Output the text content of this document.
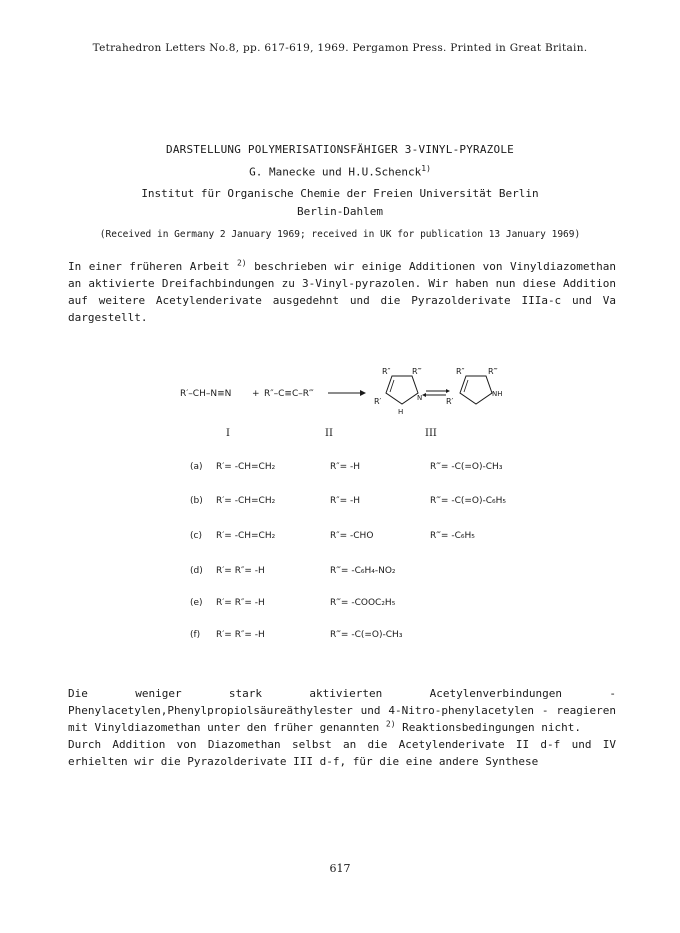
Tetrahedron Letters No.8, pp. 617-619, 1969. Pergamon Press. Printed in Great Britain.
DARSTELLUNG POLYMERISATIONSFÄHIGER 3-VINYL-PYRAZOLE
G. Manecke und H.U.Schenck$^{1)}$
Institut für Organische Chemie der Freien Universität Berlin
Berlin-Dahlem
(Received in Germany 2 January 1969; received in UK for publication 13 January 1969)

In einer früheren Arbeit $^{2)}$ beschrieben wir einige Additionen von Vinyldiazomethan an aktivierte Dreifachbindungen zu 3-Vinyl-pyrazolen. Wir haben nun diese Addition auf weitere Acetylenderivate ausgedehnt und die Pyrazolderivate IIIa-c und Va dargestellt.

R′–CH–N≡N + R″–C≡C–R‴
R″	R‴
R′	N
H
R″	R‴
R′
NH
I	II	III
(a)	R′= -CH=CH₂	R″= -H	R‴= -C(=O)-CH₃
(b)	R′= -CH=CH₂	R″= -H	R‴= -C(=O)-C₆H₅
(c)	R′= -CH=CH₂	R″= -CHO	R‴= -C₆H₅
(d)	R′= R″= -H	R‴= -C₆H₄-NO₂
(e)	R′= R″= -H	R‴= -COOC₂H₅
(f)	R′= R″= -H	R‴= -C(=O)-CH₃

Die weniger stark aktivierten Acetylenverbindungen - Phenylacetylen,Phenylpropiolsäureäthylester und 4-Nitro-phenylacetylen - reagieren mit Vinyldiazomethan unter den früher genannten $^{2)}$ Reaktionsbedingungen nicht.
Durch Addition von Diazomethan selbst an die Acetylenderivate II d-f und IV erhielten wir die Pyrazolderivate III d-f, für die eine andere Synthese

617
